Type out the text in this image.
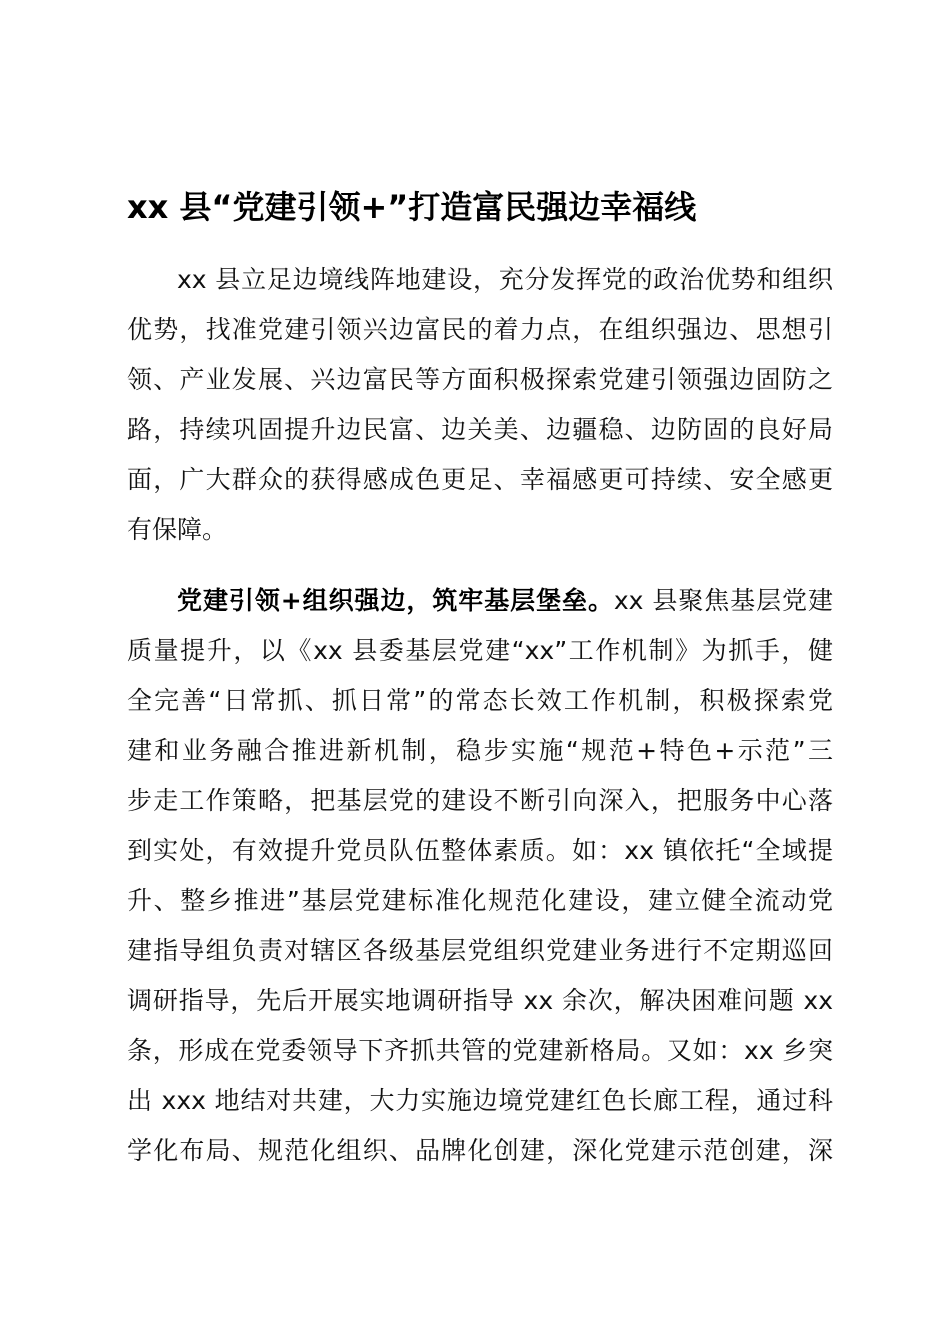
xx 县“党建引领+”打造富民强边幸福线
xx 县立足边境线阵地建设，充分发挥党的政治优势和组织
优势，找准党建引领兴边富民的着力点，在组织强边、思想引
领、产业发展、兴边富民等方面积极探索党建引领强边固防之
路，持续巩固提升边民富、边关美、边疆稳、边防固的良好局
面，广大群众的获得感成色更足、幸福感更可持续、安全感更
有保障。
党建引领+组织强边，筑牢基层堡垒。xx 县聚焦基层党建
质量提升，以《xx 县委基层党建“xx”工作机制》为抓手，健
全完善“日常抓、抓日常”的常态长效工作机制，积极探索党
建和业务融合推进新机制，稳步实施“规范+特色+示范”三
步走工作策略，把基层党的建设不断引向深入，把服务中心落
到实处，有效提升党员队伍整体素质。如：xx 镇依托“全域提
升、整乡推进”基层党建标准化规范化建设，建立健全流动党
建指导组负责对辖区各级基层党组织党建业务进行不定期巡回
调研指导，先后开展实地调研指导 xx 余次，解决困难问题 xx
条，形成在党委领导下齐抓共管的党建新格局。又如：xx 乡突
出 xxx 地结对共建，大力实施边境党建红色长廊工程，通过科
学化布局、规范化组织、品牌化创建，深化党建示范创建，深
